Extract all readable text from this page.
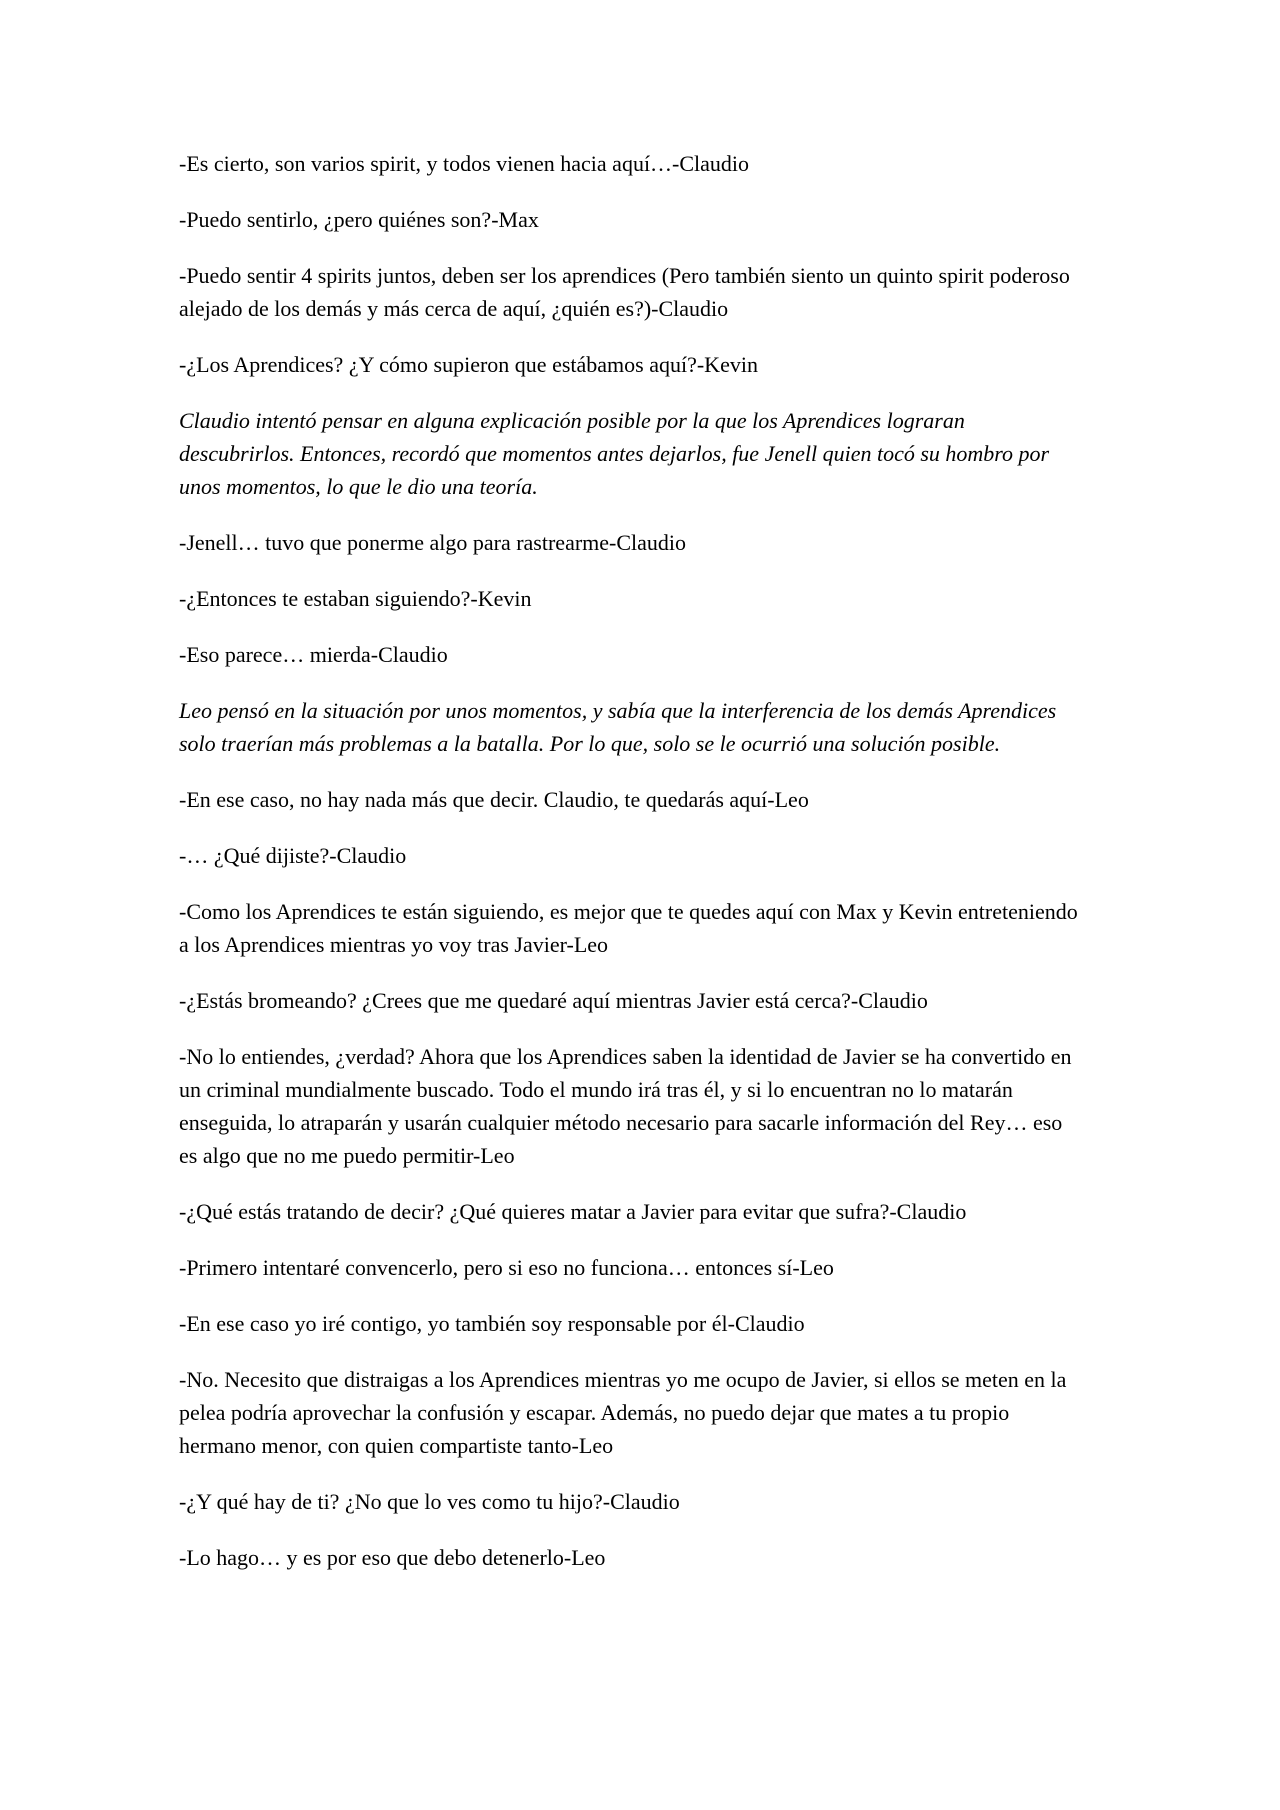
-Es cierto, son varios spirit, y todos vienen hacia aquí…-Claudio

-Puedo sentirlo, ¿pero quiénes son?-Max

-Puedo sentir 4 spirits juntos, deben ser los aprendices (Pero también siento un quinto spirit poderoso alejado de los demás y más cerca de aquí, ¿quién es?)-Claudio

-¿Los Aprendices? ¿Y cómo supieron que estábamos aquí?-Kevin

Claudio intentó pensar en alguna explicación posible por la que los Aprendices lograran descubrirlos. Entonces, recordó que momentos antes dejarlos, fue Jenell quien tocó su hombro por unos momentos, lo que le dio una teoría.

-Jenell… tuvo que ponerme algo para rastrearme-Claudio

-¿Entonces te estaban siguiendo?-Kevin

-Eso parece… mierda-Claudio

Leo pensó en la situación por unos momentos, y sabía que la interferencia de los demás Aprendices solo traerían más problemas a la batalla. Por lo que, solo se le ocurrió una solución posible.

-En ese caso, no hay nada más que decir. Claudio, te quedarás aquí-Leo

-… ¿Qué dijiste?-Claudio

-Como los Aprendices te están siguiendo, es mejor que te quedes aquí con Max y Kevin entreteniendo a los Aprendices mientras yo voy tras Javier-Leo

-¿Estás bromeando? ¿Crees que me quedaré aquí mientras Javier está cerca?-Claudio

-No lo entiendes, ¿verdad? Ahora que los Aprendices saben la identidad de Javier se ha convertido en un criminal mundialmente buscado. Todo el mundo irá tras él, y si lo encuentran no lo matarán enseguida, lo atraparán y usarán cualquier método necesario para sacarle información del Rey… eso es algo que no me puedo permitir-Leo

-¿Qué estás tratando de decir? ¿Qué quieres matar a Javier para evitar que sufra?-Claudio

-Primero intentaré convencerlo, pero si eso no funciona… entonces sí-Leo

-En ese caso yo iré contigo, yo también soy responsable por él-Claudio

-No. Necesito que distraigas a los Aprendices mientras yo me ocupo de Javier, si ellos se meten en la pelea podría aprovechar la confusión y escapar. Además, no puedo dejar que mates a tu propio hermano menor, con quien compartiste tanto-Leo

-¿Y qué hay de ti? ¿No que lo ves como tu hijo?-Claudio

-Lo hago… y es por eso que debo detenerlo-Leo
